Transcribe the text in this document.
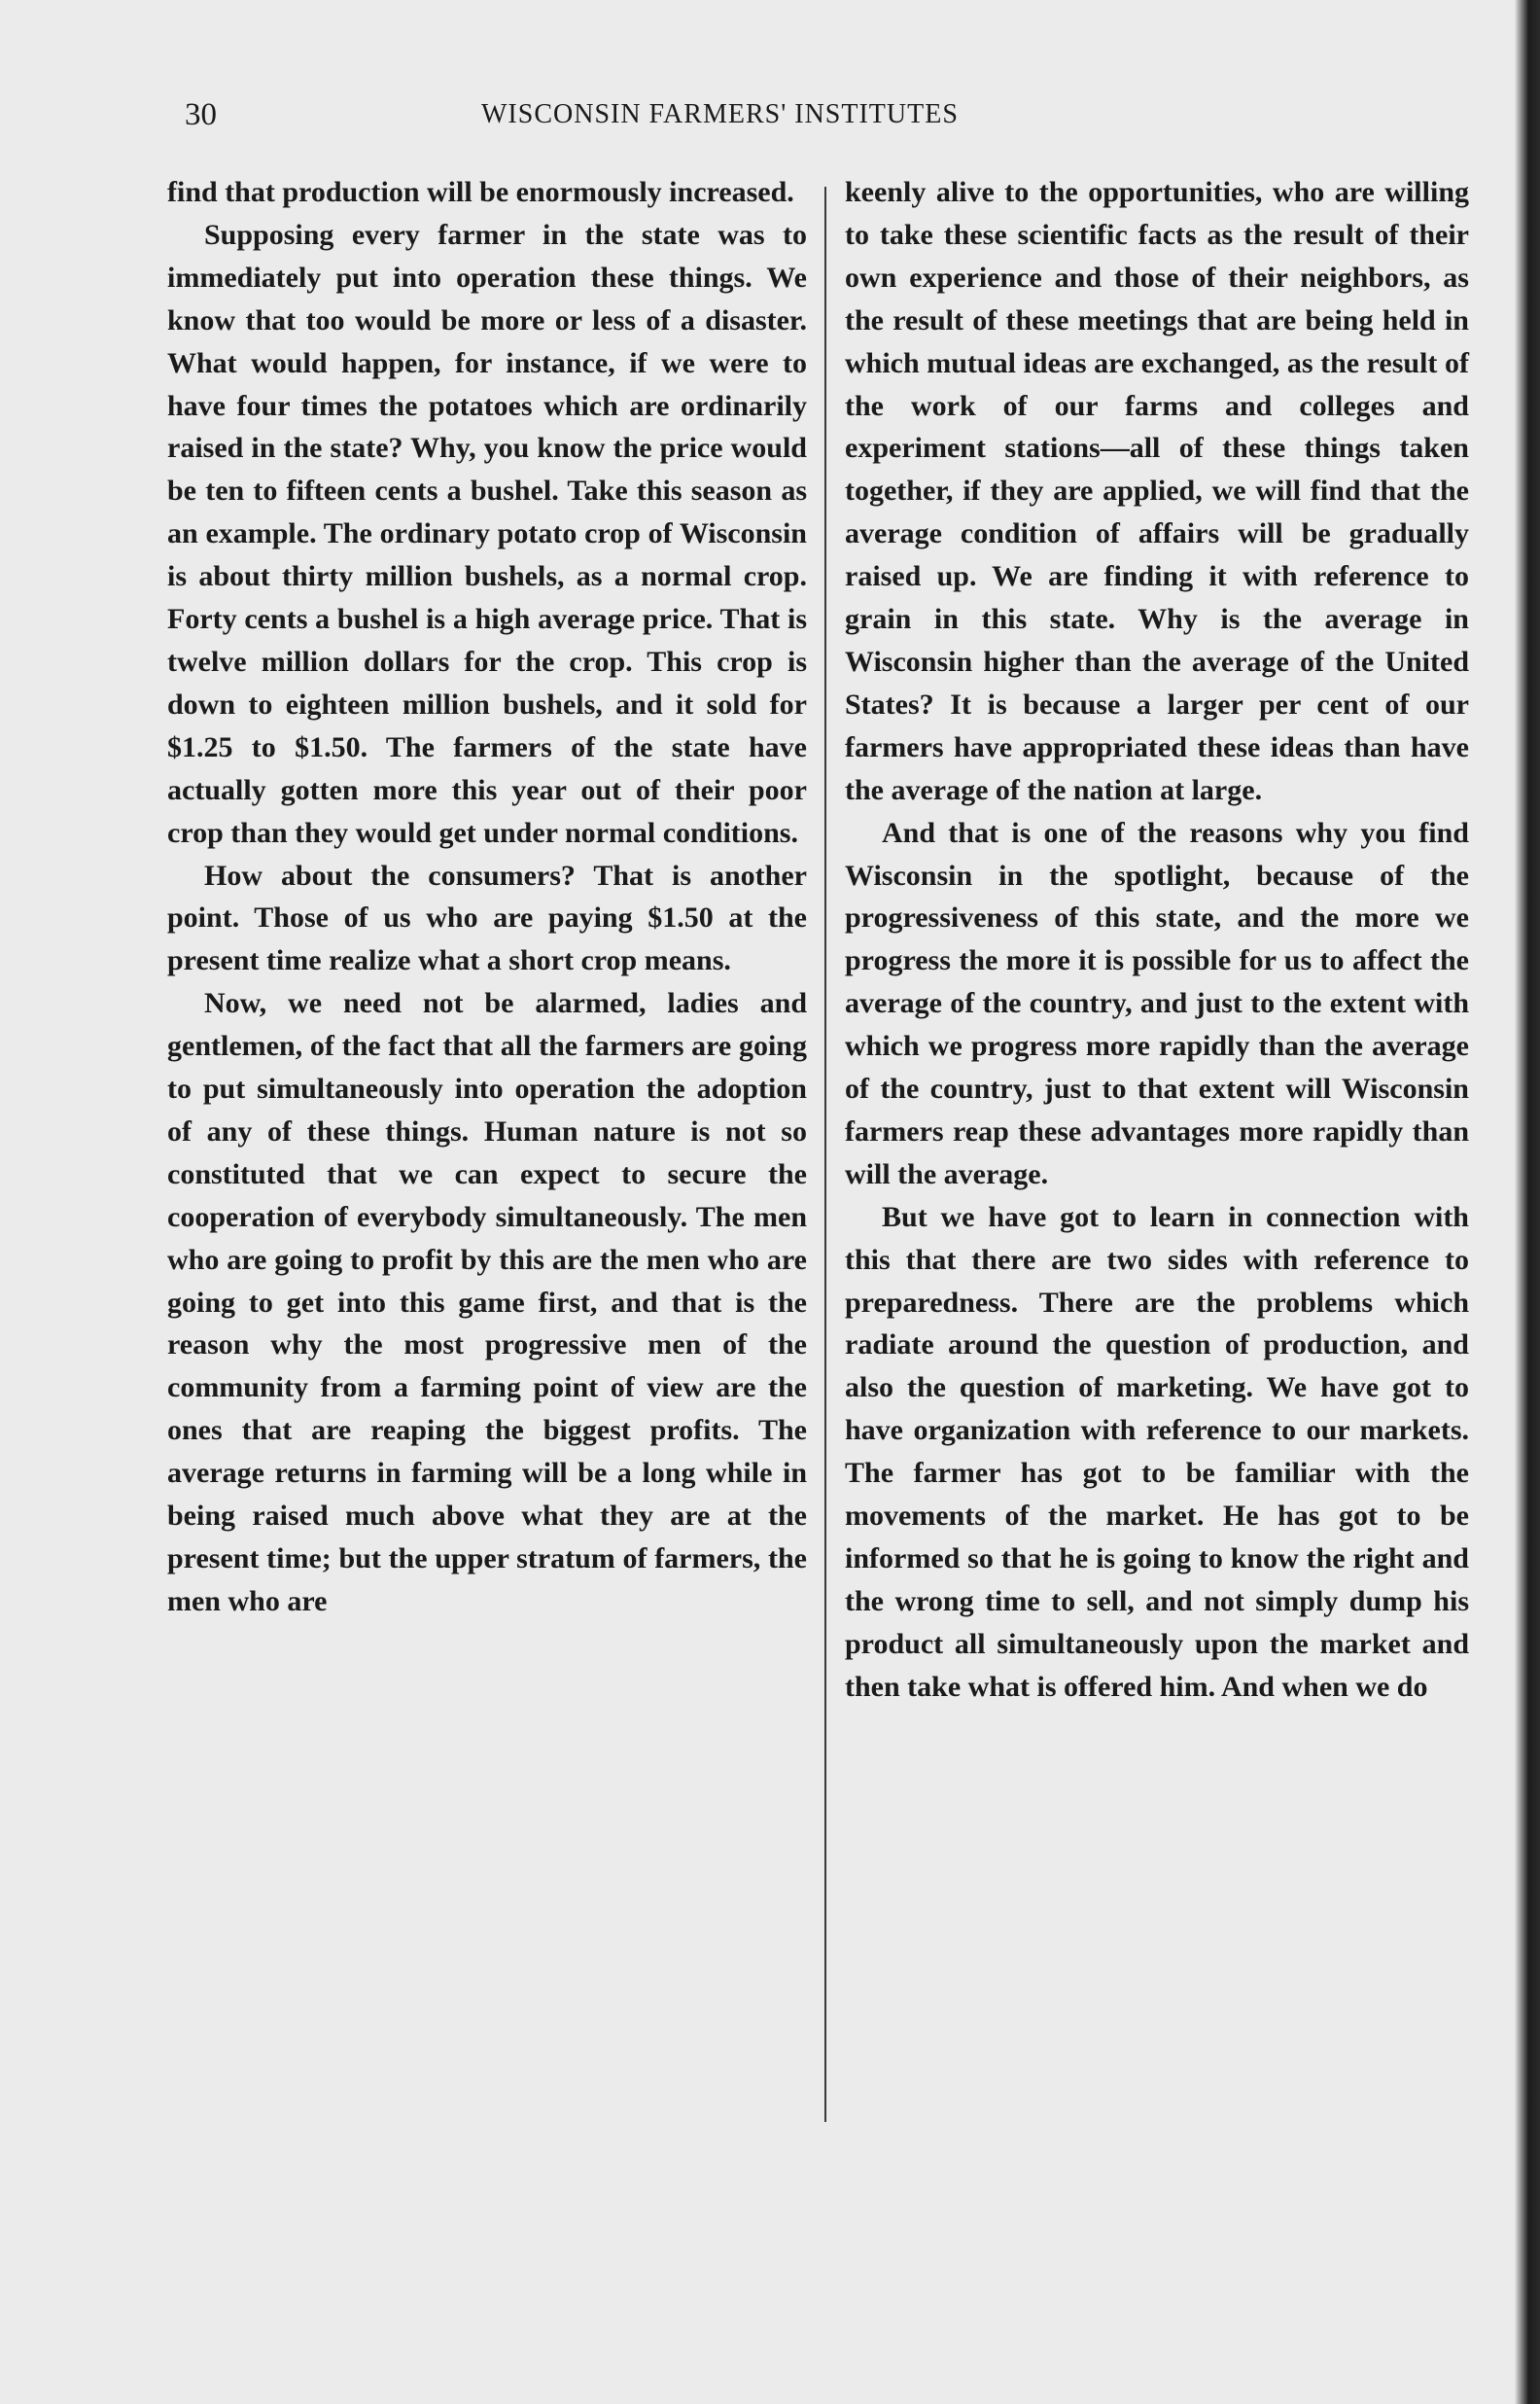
30	WISCONSIN FARMERS' INSTITUTES

find that production will be enormously increased.

Supposing every farmer in the state was to immediately put into operation these things. We know that too would be more or less of a disaster. What would happen, for instance, if we were to have four times the potatoes which are ordinarily raised in the state? Why, you know the price would be ten to fifteen cents a bushel. Take this season as an example. The ordinary potato crop of Wisconsin is about thirty million bushels, as a normal crop. Forty cents a bushel is a high average price. That is twelve million dollars for the crop. This crop is down to eighteen million bushels, and it sold for $1.25 to $1.50. The farmers of the state have actually gotten more this year out of their poor crop than they would get under normal conditions.

How about the consumers? That is another point. Those of us who are paying $1.50 at the present time realize what a short crop means.

Now, we need not be alarmed, ladies and gentlemen, of the fact that all the farmers are going to put simultaneously into operation the adoption of any of these things. Human nature is not so constituted that we can expect to secure the cooperation of everybody simultaneously. The men who are going to profit by this are the men who are going to get into this game first, and that is the reason why the most progressive men of the community from a farming point of view are the ones that are reaping the biggest profits. The average returns in farming will be a long while in being raised much above what they are at the present time; but the upper stratum of farmers, the men who are

keenly alive to the opportunities, who are willing to take these scientific facts as the result of their own experience and those of their neighbors, as the result of these meetings that are being held in which mutual ideas are exchanged, as the result of the work of our farms and colleges and experiment stations—all of these things taken together, if they are applied, we will find that the average condition of affairs will be gradually raised up. We are finding it with reference to grain in this state. Why is the average in Wisconsin higher than the average of the United States? It is because a larger per cent of our farmers have appropriated these ideas than have the average of the nation at large.

And that is one of the reasons why you find Wisconsin in the spotlight, because of the progressiveness of this state, and the more we progress the more it is possible for us to affect the average of the country, and just to the extent with which we progress more rapidly than the average of the country, just to that extent will Wisconsin farmers reap these advantages more rapidly than will the average.

But we have got to learn in connection with this that there are two sides with reference to preparedness. There are the problems which radiate around the question of production, and also the question of marketing. We have got to have organization with reference to our markets. The farmer has got to be familiar with the movements of the market. He has got to be informed so that he is going to know the right and the wrong time to sell, and not simply dump his product all simultaneously upon the market and then take what is offered him. And when we do
